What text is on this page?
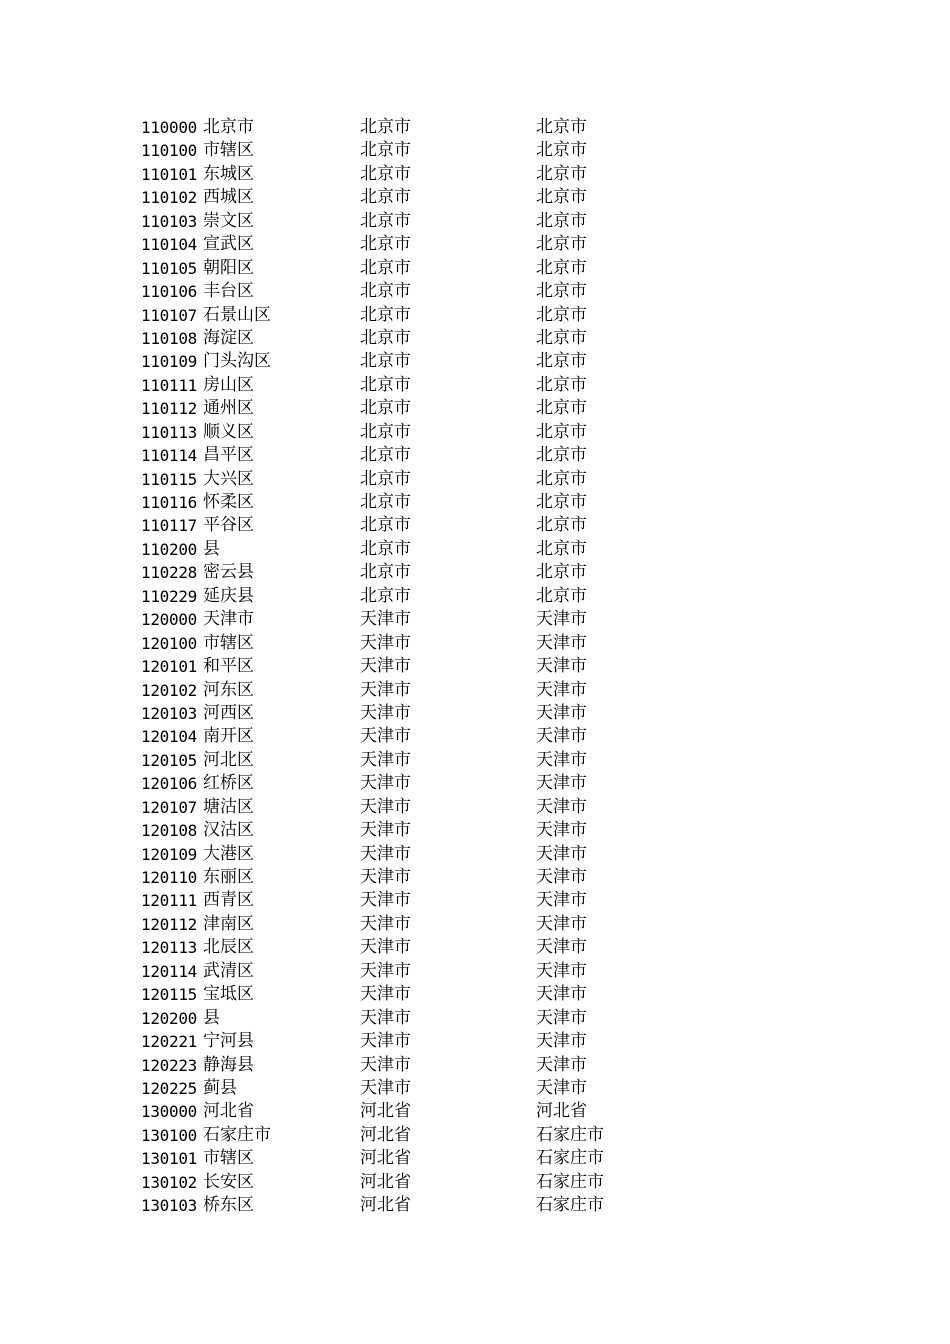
110000 北京市	北京市	北京市
110100 市辖区	北京市	北京市
110101 东城区	北京市	北京市
110102 西城区	北京市	北京市
110103 崇文区	北京市	北京市
110104 宣武区	北京市	北京市
110105 朝阳区	北京市	北京市
110106 丰台区	北京市	北京市
110107 石景山区	北京市	北京市
110108 海淀区	北京市	北京市
110109 门头沟区	北京市	北京市
110111 房山区	北京市	北京市
110112 通州区	北京市	北京市
110113 顺义区	北京市	北京市
110114 昌平区	北京市	北京市
110115 大兴区	北京市	北京市
110116 怀柔区	北京市	北京市
110117 平谷区	北京市	北京市
110200 县	北京市	北京市
110228 密云县	北京市	北京市
110229 延庆县	北京市	北京市
120000 天津市	天津市	天津市
120100 市辖区	天津市	天津市
120101 和平区	天津市	天津市
120102 河东区	天津市	天津市
120103 河西区	天津市	天津市
120104 南开区	天津市	天津市
120105 河北区	天津市	天津市
120106 红桥区	天津市	天津市
120107 塘沽区	天津市	天津市
120108 汉沽区	天津市	天津市
120109 大港区	天津市	天津市
120110 东丽区	天津市	天津市
120111 西青区	天津市	天津市
120112 津南区	天津市	天津市
120113 北辰区	天津市	天津市
120114 武清区	天津市	天津市
120115 宝坻区	天津市	天津市
120200 县	天津市	天津市
120221 宁河县	天津市	天津市
120223 静海县	天津市	天津市
120225 蓟县	天津市	天津市
130000 河北省	河北省	河北省
130100 石家庄市	河北省	石家庄市
130101 市辖区	河北省	石家庄市
130102 长安区	河北省	石家庄市
130103 桥东区	河北省	石家庄市
